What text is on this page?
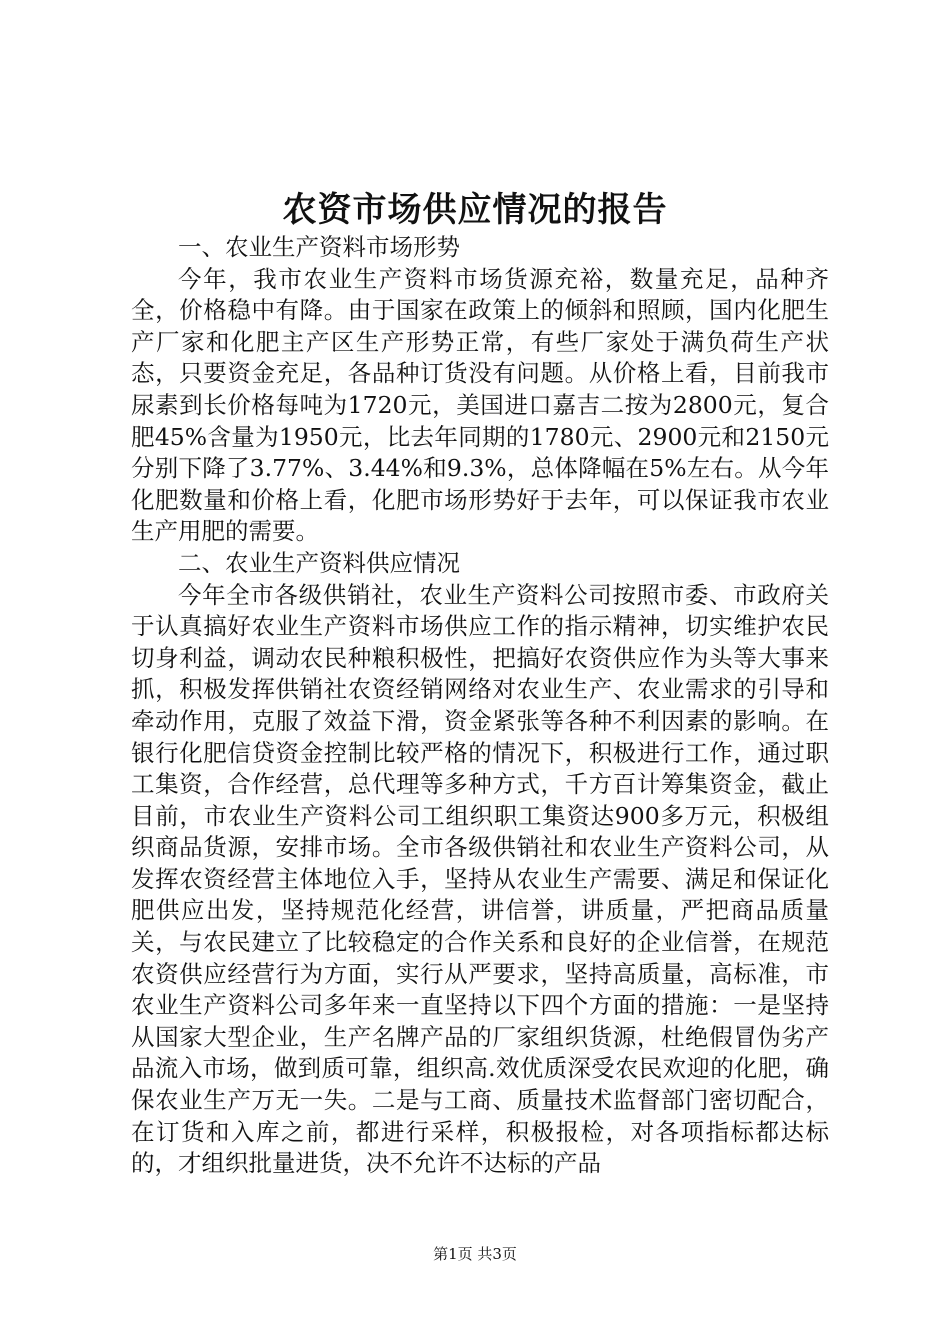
农资市场供应情况的报告

一、农业生产资料市场形势

今年，我市农业生产资料市场货源充裕，数量充足，品种齐全，价格稳中有降。由于国家在政策上的倾斜和照顾，国内化肥生产厂家和化肥主产区生产形势正常，有些厂家处于满负荷生产状态，只要资金充足，各品种订货没有问题。从价格上看，目前我市尿素到长价格每吨为1720元，美国进口嘉吉二按为2800元，复合肥45%含量为1950元，比去年同期的1780元、2900元和2150元分别下降了3.77%、3.44%和9.3%，总体降幅在5%左右。从今年化肥数量和价格上看，化肥市场形势好于去年，可以保证我市农业生产用肥的需要。

二、农业生产资料供应情况

今年全市各级供销社，农业生产资料公司按照市委、市政府关于认真搞好农业生产资料市场供应工作的指示精神，切实维护农民切身利益，调动农民种粮积极性，把搞好农资供应作为头等大事来抓，积极发挥供销社农资经销网络对农业生产、农业需求的引导和牵动作用，克服了效益下滑，资金紧张等各种不利因素的影响。在银行化肥信贷资金控制比较严格的情况下，积极进行工作，通过职工集资，合作经营，总代理等多种方式，千方百计筹集资金，截止目前，市农业生产资料公司工组织职工集资达900多万元，积极组织商品货源，安排市场。全市各级供销社和农业生产资料公司，从发挥农资经营主体地位入手，坚持从农业生产需要、满足和保证化肥供应出发，坚持规范化经营，讲信誉，讲质量，严把商品质量关，与农民建立了比较稳定的合作关系和良好的企业信誉，在规范农资供应经营行为方面，实行从严要求，坚持高质量，高标准，市农业生产资料公司多年来一直坚持以下四个方面的措施：一是坚持从国家大型企业，生产名牌产品的厂家组织货源，杜绝假冒伪劣产品流入市场，做到质可靠，组织高.效优质深受农民欢迎的化肥，确保农业生产万无一失。二是与工商、质量技术监督部门密切配合，在订货和入库之前，都进行采样，积极报检，对各项指标都达标的，才组织批量进货，决不允许不达标的产品

第1页 共3页
